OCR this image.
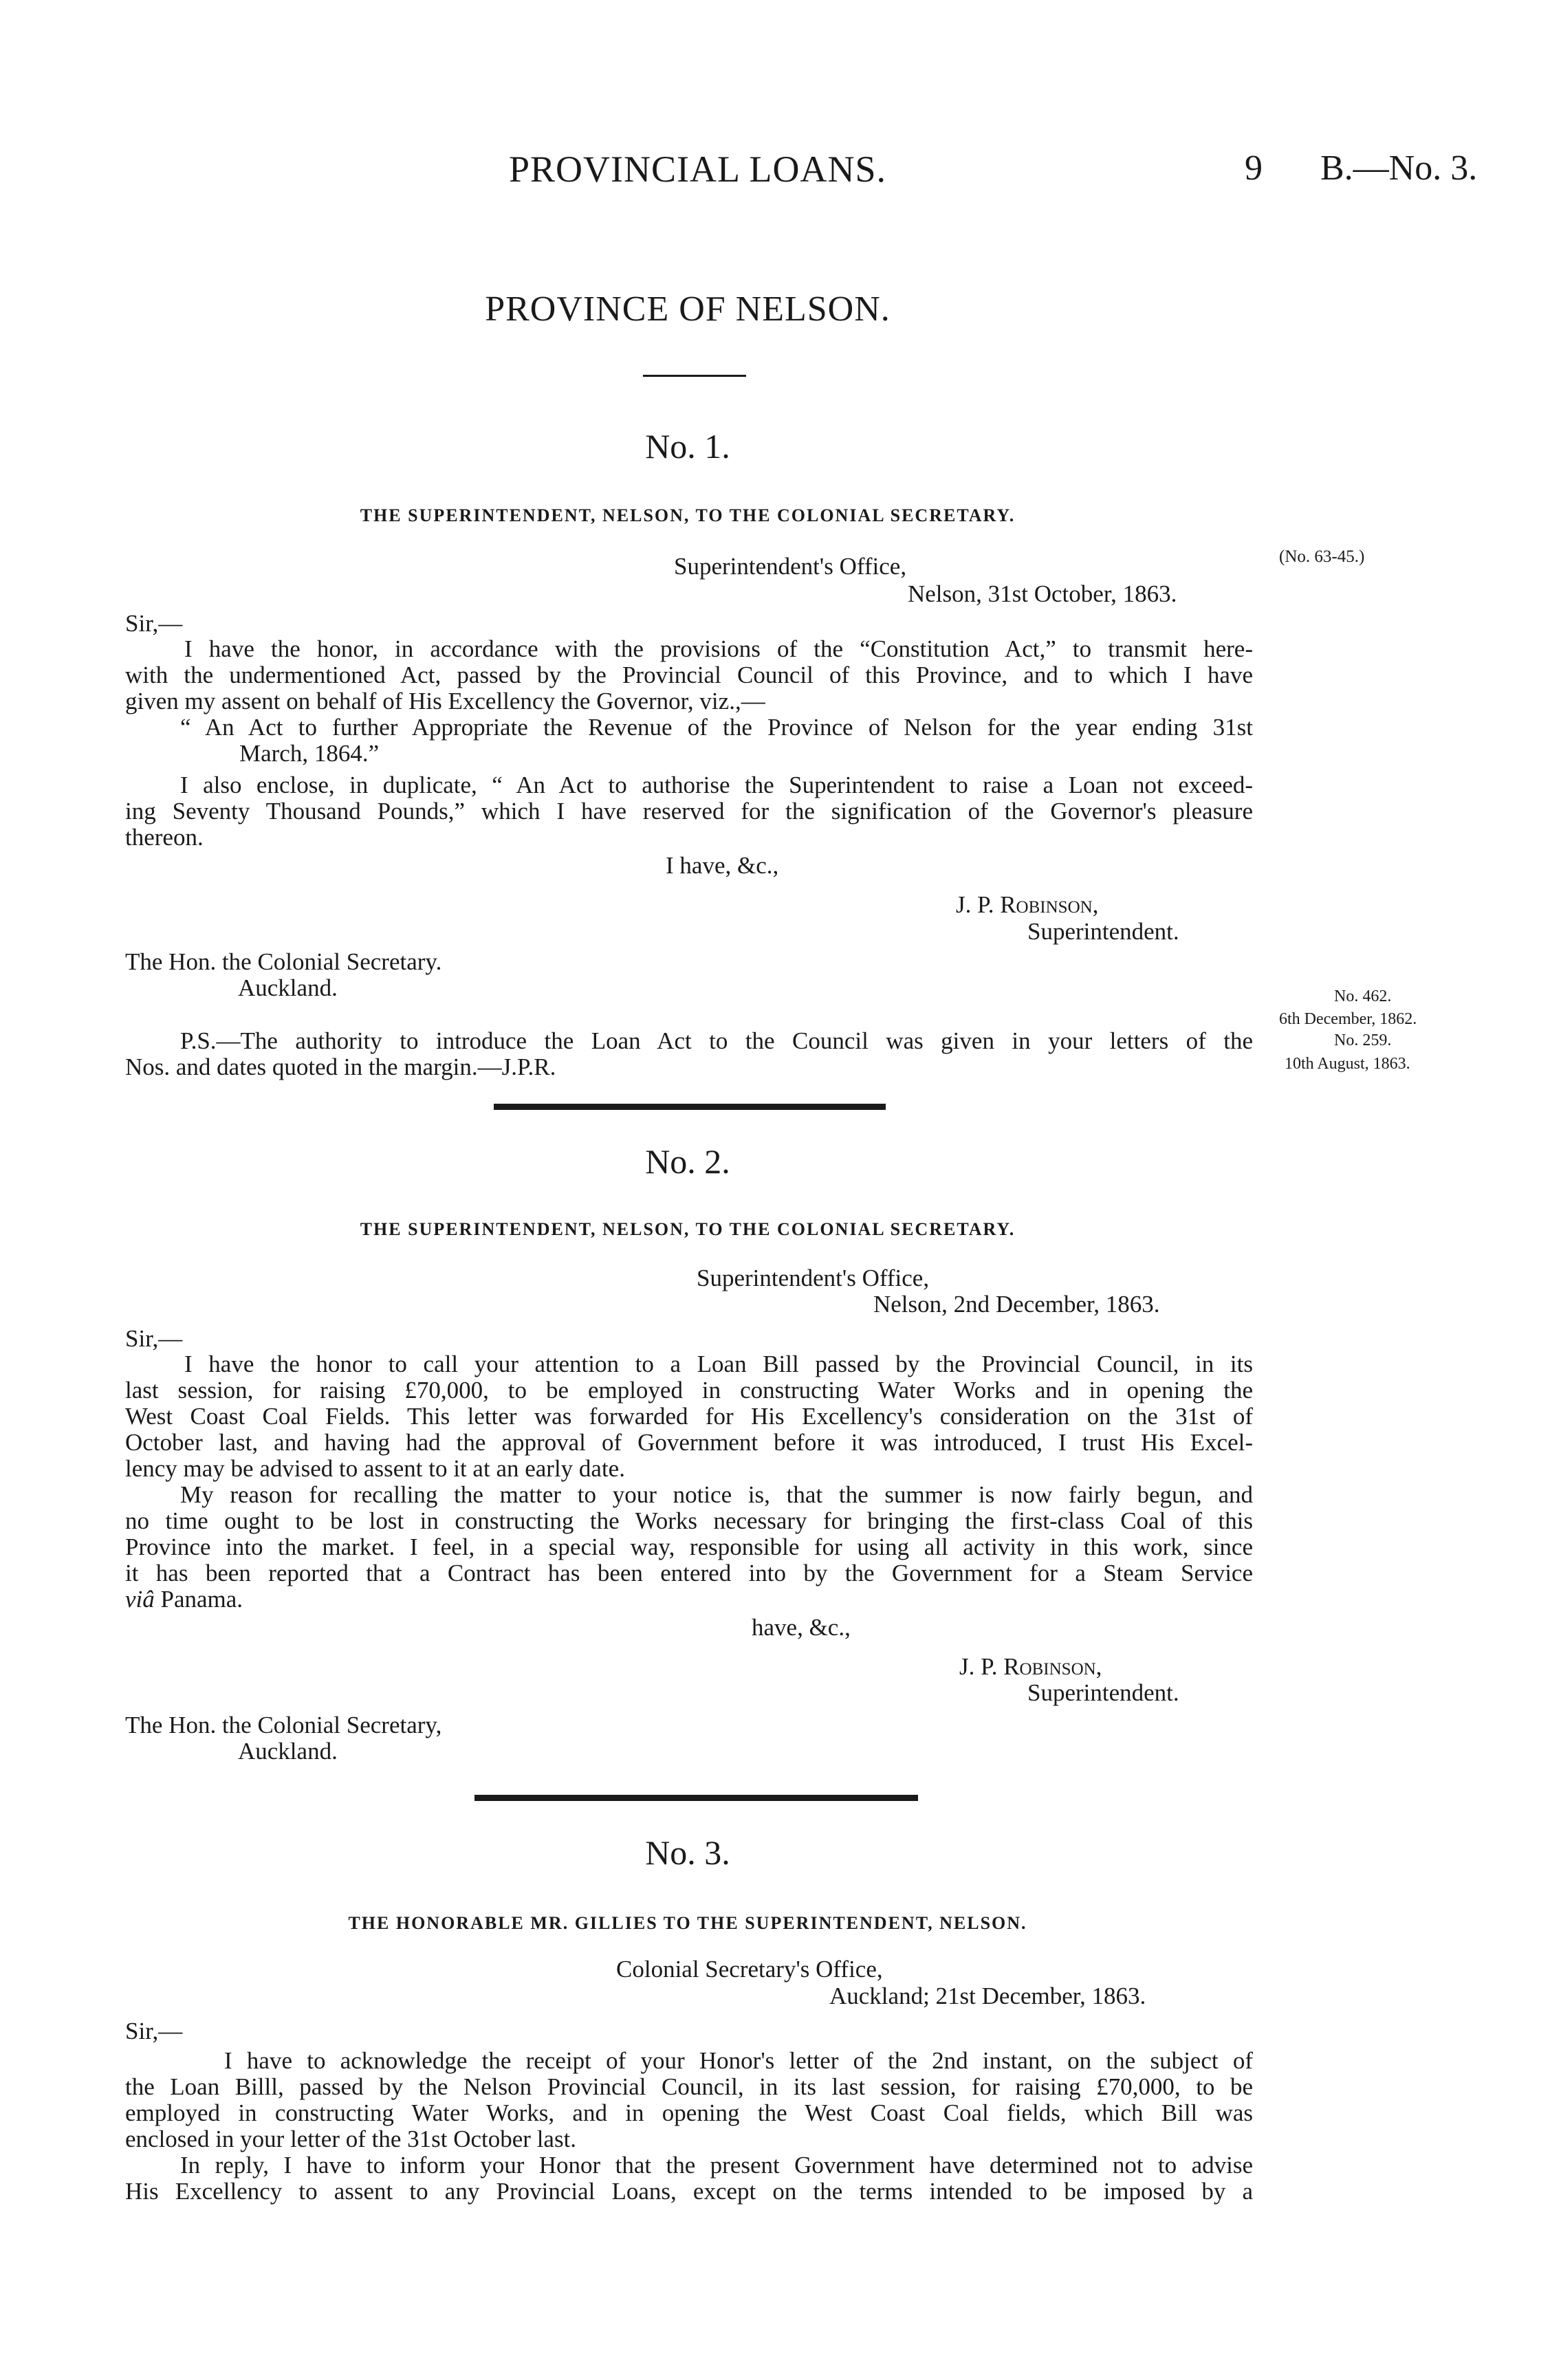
PROVINCIAL LOANS.	9 B.—No. 3.
PROVINCE OF NELSON.
No. 1.
THE SUPERINTENDENT, NELSON, TO THE COLONIAL SECRETARY.
(No. 63-45.)
Superintendent's Office,
Nelson, 31st October, 1863.
Sir,—
I have the honor, in accordance with the provisions of the “Constitution Act,” to transmit here-
with the undermentioned Act, passed by the Provincial Council of this Province, and to which I have
given my assent on behalf of His Excellency the Governor, viz.,—
“ An Act to further Appropriate the Revenue of the Province of Nelson for the year ending 31st
March, 1864.”
I also enclose, in duplicate, “ An Act to authorise the Superintendent to raise a Loan not exceed-
ing Seventy Thousand Pounds,” which I have reserved for the signification of the Governor's pleasure
thereon.
I have, &c.,
J. P. Robinson,
Superintendent.
The Hon. the Colonial Secretary.
Auckland.	No. 462.
6th December, 1862.
No. 259.
10th August, 1863.
P.S.—The authority to introduce the Loan Act to the Council was given in your letters of the
Nos. and dates quoted in the margin.—J.P.R.
No. 2.
THE SUPERINTENDENT, NELSON, TO THE COLONIAL SECRETARY.
Superintendent's Office,
Nelson, 2nd December, 1863.
Sir,—
I have the honor to call your attention to a Loan Bill passed by the Provincial Council, in its
last session, for raising £70,000, to be employed in constructing Water Works and in opening the
West Coast Coal Fields. This letter was forwarded for His Excellency's consideration on the 31st of
October last, and having had the approval of Government before it was introduced, I trust His Excel-
lency may be advised to assent to it at an early date.
My reason for recalling the matter to your notice is, that the summer is now fairly begun, and
no time ought to be lost in constructing the Works necessary for bringing the first-class Coal of this
Province into the market. I feel, in a special way, responsible for using all activity in this work, since
it has been reported that a Contract has been entered into by the Government for a Steam Service
viâ Panama.
have, &c.,
J. P. Robinson,
Superintendent.
The Hon. the Colonial Secretary,
Auckland.
No. 3.
THE HONORABLE MR. GILLIES TO THE SUPERINTENDENT, NELSON.
Colonial Secretary's Office,
Auckland; 21st December, 1863.
Sir,—
I have to acknowledge the receipt of your Honor's letter of the 2nd instant, on the subject of
the Loan Billl, passed by the Nelson Provincial Council, in its last session, for raising £70,000, to be
employed in constructing Water Works, and in opening the West Coast Coal fields, which Bill was
enclosed in your letter of the 31st October last.
In reply, I have to inform your Honor that the present Government have determined not to advise
His Excellency to assent to any Provincial Loans, except on the terms intended to be imposed by a
